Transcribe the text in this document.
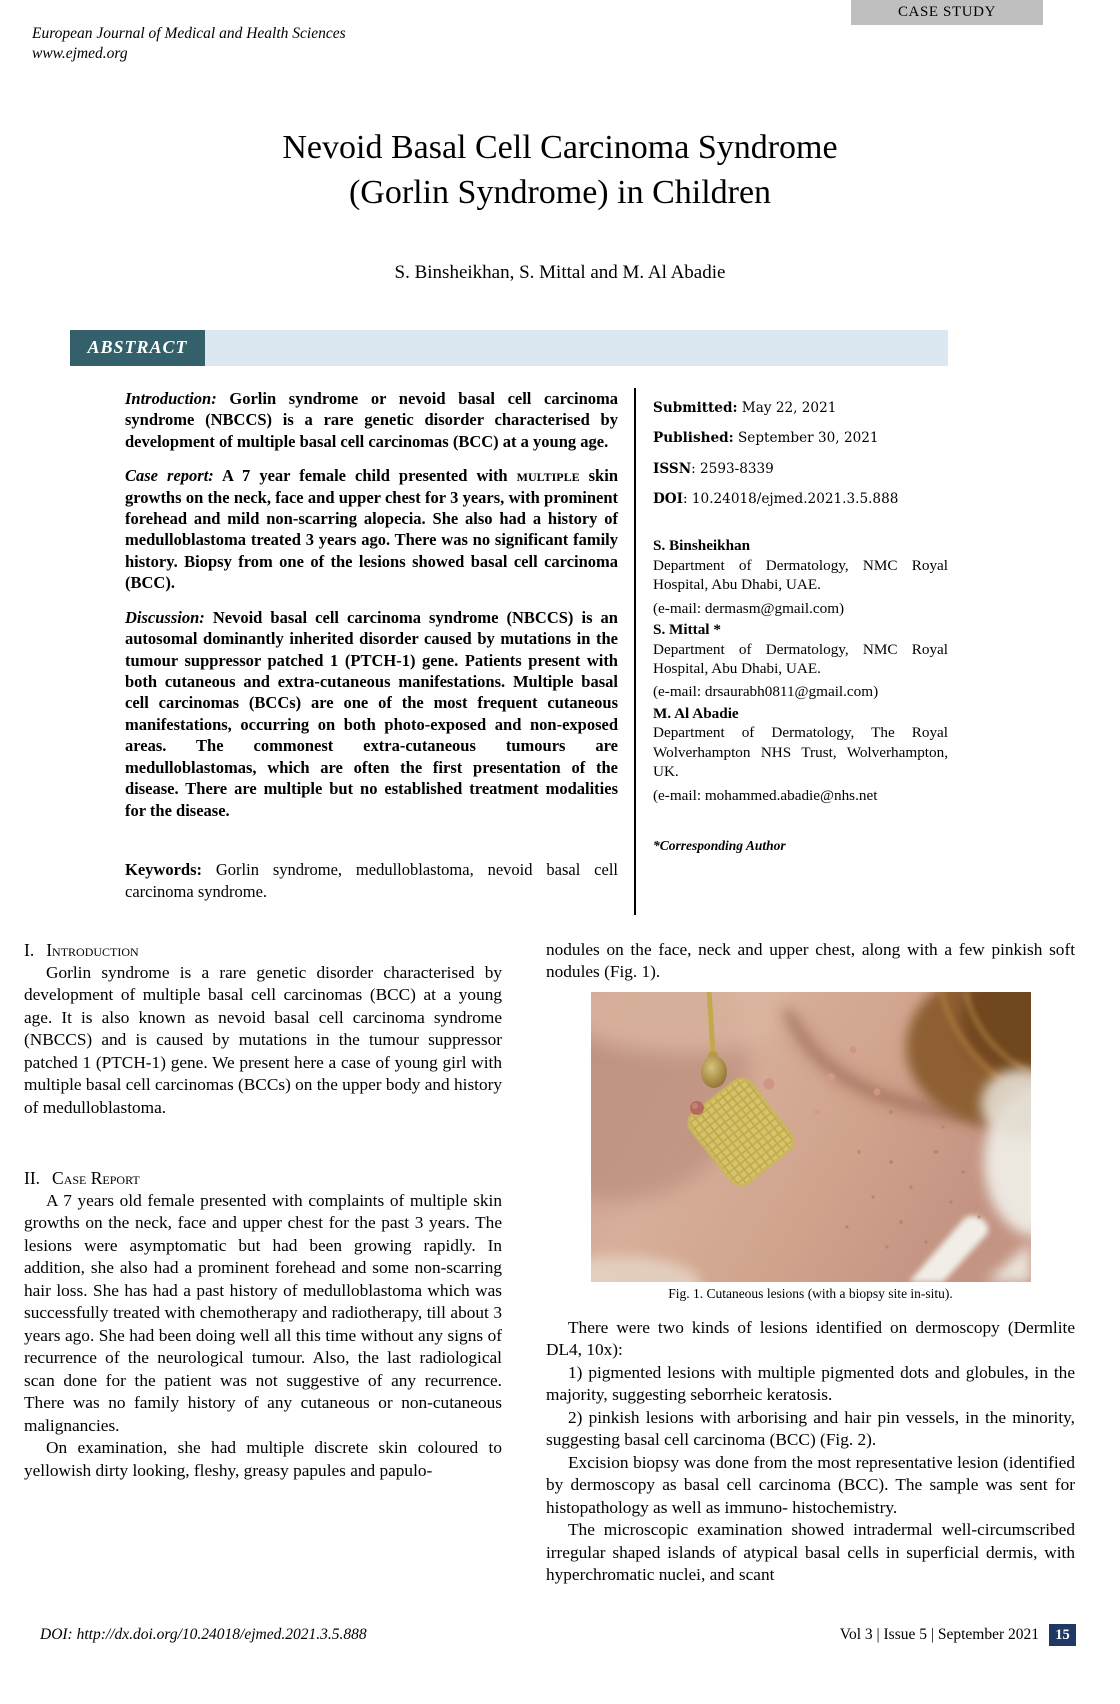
CASE STUDY
European Journal of Medical and Health Sciences
www.ejmed.org
Nevoid Basal Cell Carcinoma Syndrome
(Gorlin Syndrome) in Children
S. Binsheikhan, S. Mittal and M. Al Abadie
ABSTRACT

Introduction: Gorlin syndrome or nevoid basal cell carcinoma syndrome (NBCCS) is a rare genetic disorder characterised by development of multiple basal cell carcinomas (BCC) at a young age.

Case report: A 7 year female child presented with multiple skin growths on the neck, face and upper chest for 3 years, with prominent forehead and mild non-scarring alopecia. She also had a history of medulloblastoma treated 3 years ago. There was no significant family history. Biopsy from one of the lesions showed basal cell carcinoma (BCC).

Discussion: Nevoid basal cell carcinoma syndrome (NBCCS) is an autosomal dominantly inherited disorder caused by mutations in the tumour suppressor patched 1 (PTCH-1) gene. Patients present with both cutaneous and extra-cutaneous manifestations. Multiple basal cell carcinomas (BCCs) are one of the most frequent cutaneous manifestations, occurring on both photo-exposed and non-exposed areas. The commonest extra-cutaneous tumours are medulloblastomas, which are often the first presentation of the disease. There are multiple but no established treatment modalities for the disease.

Keywords: Gorlin syndrome, medulloblastoma, nevoid basal cell carcinoma syndrome.

Submitted: May 22, 2021

Published: September 30, 2021

ISSN: 2593-8339

DOI: 10.24018/ejmed.2021.3.5.888

S. Binsheikhan
Department of Dermatology, NMC Royal Hospital, Abu Dhabi, UAE.
(e-mail: dermasm@gmail.com)
S. Mittal *
Department of Dermatology, NMC Royal Hospital, Abu Dhabi, UAE.
(e-mail: drsaurabh0811@gmail.com)
M. Al Abadie
Department of Dermatology, The Royal Wolverhampton NHS Trust, Wolverhampton, UK.
(e-mail: mohammed.abadie@nhs.net
*Corresponding Author

I. Introduction

Gorlin syndrome is a rare genetic disorder characterised by development of multiple basal cell carcinomas (BCC) at a young age. It is also known as nevoid basal cell carcinoma syndrome (NBCCS) and is caused by mutations in the tumour suppressor patched 1 (PTCH-1) gene. We present here a case of young girl with multiple basal cell carcinomas (BCCs) on the upper body and history of medulloblastoma.

II. Case Report

A 7 years old female presented with complaints of multiple skin growths on the neck, face and upper chest for the past 3 years. The lesions were asymptomatic but had been growing rapidly. In addition, she also had a prominent forehead and some non-scarring hair loss. She has had a past history of medulloblastoma which was successfully treated with chemotherapy and radiotherapy, till about 3 years ago. She had been doing well all this time without any signs of recurrence of the neurological tumour. Also, the last radiological scan done for the patient was not suggestive of any recurrence. There was no family history of any cutaneous or non-cutaneous malignancies.

On examination, she had multiple discrete skin coloured to yellowish dirty looking, fleshy, greasy papules and papulo-

nodules on the face, neck and upper chest, along with a few pinkish soft nodules (Fig. 1).

Fig. 1. Cutaneous lesions (with a biopsy site in-situ).

There were two kinds of lesions identified on dermoscopy (Dermlite DL4, 10x):

1) pigmented lesions with multiple pigmented dots and globules, in the majority, suggesting seborrheic keratosis.

2) pinkish lesions with arborising and hair pin vessels, in the minority, suggesting basal cell carcinoma (BCC) (Fig. 2).

Excision biopsy was done from the most representative lesion (identified by dermoscopy as basal cell carcinoma (BCC). The sample was sent for histopathology as well as immuno- histochemistry.

The microscopic examination showed intradermal well-circumscribed irregular shaped islands of atypical basal cells in superficial dermis, with hyperchromatic nuclei, and scant

DOI: http://dx.doi.org/10.24018/ejmed.2021.3.5.888	Vol 3 | Issue 5 | September 2021	15
